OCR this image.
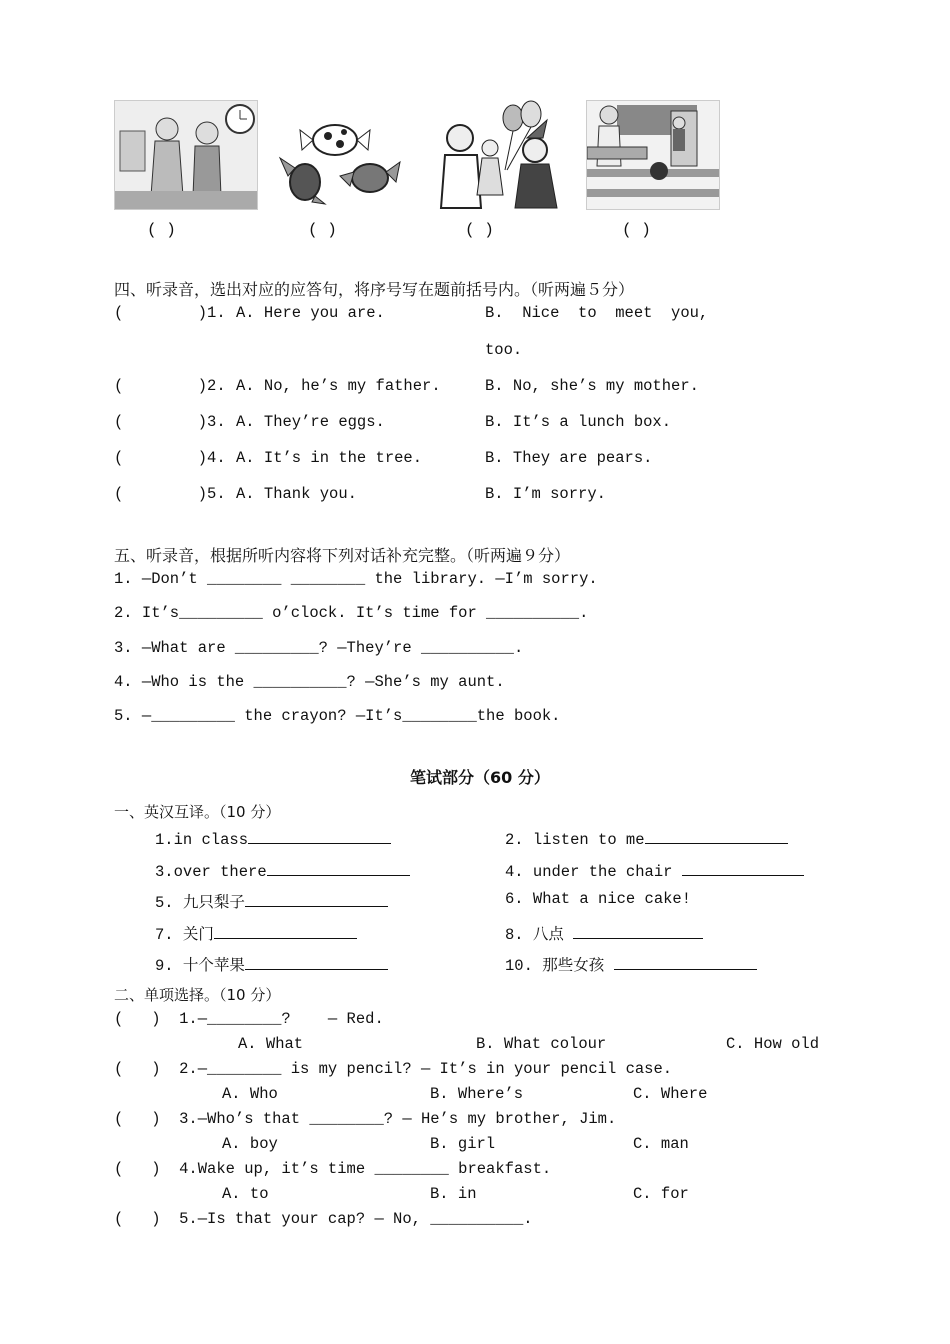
( )	( )	( )	( )
四、听录音，选出对应的应答句，将序号写在题前括号内。（听两遍５分）
(        )1. A. Here you are.	B.  Nice  to  meet  you,
too.
(        )2. A. No, he’s my father.	B. No, she’s my mother.
(        )3. A. They’re eggs.	B. It’s a lunch box.
(        )4. A. It’s in the tree.	B. They are pears.
(        )5. A. Thank you.	B. I’m sorry.
五、听录音，根据所听内容将下列对话补充完整。（听两遍９分）
1. —Don’t ________ ________ the library. —I’m sorry.
2. It’s_________ o’clock. It’s time for __________.
3. —What are _________? —They’re __________.
4. —Who is the __________? —She’s my aunt.
5. —_________ the crayon? —It’s________the book.
笔试部分（60 分）
一、英汉互译。（10 分）
1.in class	2. listen to me
3.over there	4. under the chair
5. 九只梨子	6. What a nice cake!
7. 关门	8. 八点
9. 十个苹果	10. 那些女孩
二、单项选择。（10 分）
(   )  1.—________?    — Red.
A. What	B. What colour	C. How old
(   )  2.—________ is my pencil? — It’s in your pencil case.
A. Who	B. Where’s	C. Where
(   )  3.—Who’s that ________? — He’s my brother, Jim.
A. boy	B. girl	C. man
(   )  4.Wake up, it’s time ________ breakfast.
A. to	B. in	C. for
(   )  5.—Is that your cap? — No, __________.
